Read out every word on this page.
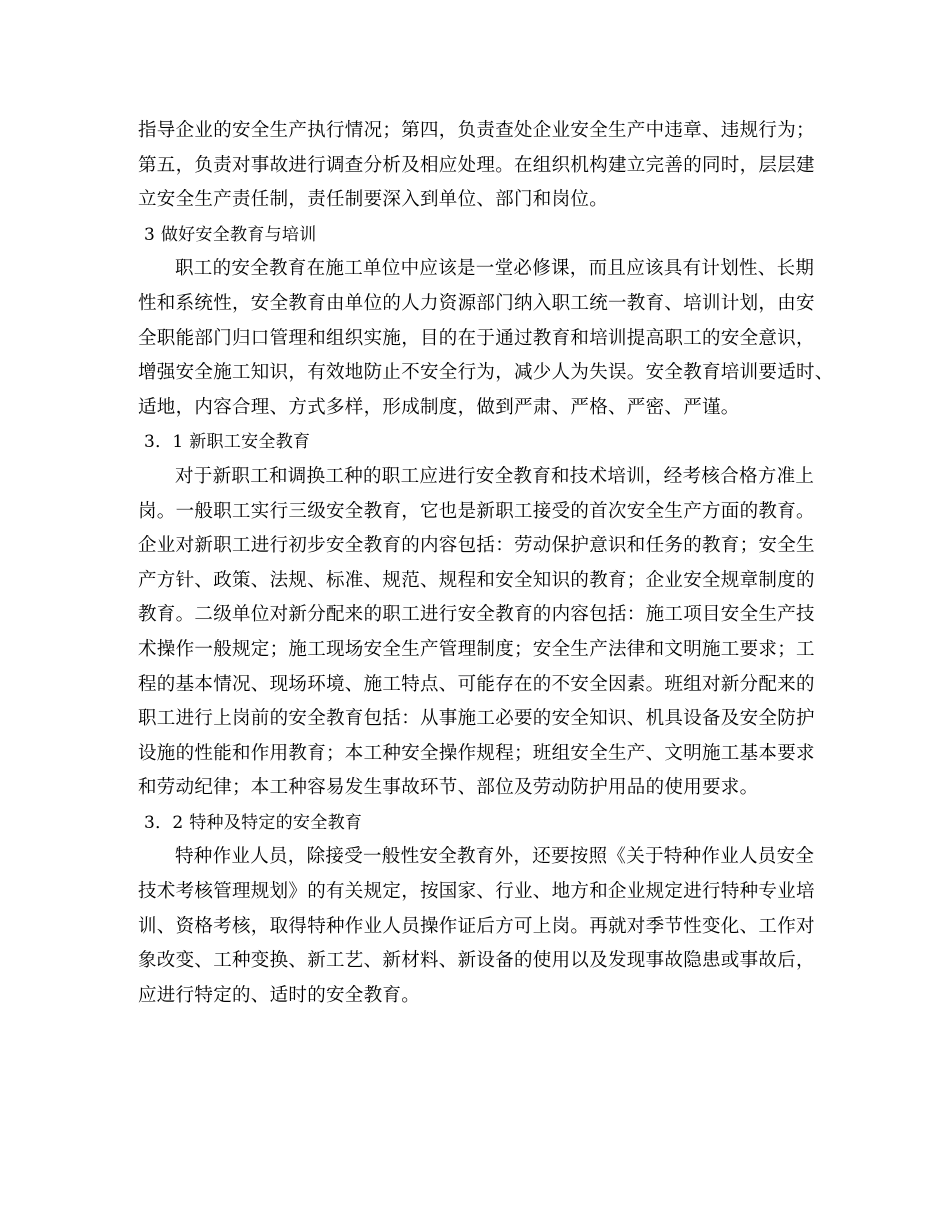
指导企业的安全生产执行情况；第四，负责查处企业安全生产中违章、违规行为；
第五，负责对事故进行调查分析及相应处理。在组织机构建立完善的同时，层层建
立安全生产责任制，责任制要深入到单位、部门和岗位。
3 做好安全教育与培训
职工的安全教育在施工单位中应该是一堂必修课，而且应该具有计划性、长期
性和系统性，安全教育由单位的人力资源部门纳入职工统一教育、培训计划，由安
全职能部门归口管理和组织实施，目的在于通过教育和培训提高职工的安全意识，
增强安全施工知识，有效地防止不安全行为，减少人为失误。安全教育培训要适时、
适地，内容合理、方式多样，形成制度，做到严肃、严格、严密、严谨。
3．1 新职工安全教育
对于新职工和调换工种的职工应进行安全教育和技术培训，经考核合格方准上
岗。一般职工实行三级安全教育，它也是新职工接受的首次安全生产方面的教育。
企业对新职工进行初步安全教育的内容包括：劳动保护意识和任务的教育；安全生
产方针、政策、法规、标准、规范、规程和安全知识的教育；企业安全规章制度的
教育。二级单位对新分配来的职工进行安全教育的内容包括：施工项目安全生产技
术操作一般规定；施工现场安全生产管理制度；安全生产法律和文明施工要求；工
程的基本情况、现场环境、施工特点、可能存在的不安全因素。班组对新分配来的
职工进行上岗前的安全教育包括：从事施工必要的安全知识、机具设备及安全防护
设施的性能和作用教育；本工种安全操作规程；班组安全生产、文明施工基本要求
和劳动纪律；本工种容易发生事故环节、部位及劳动防护用品的使用要求。
3．2 特种及特定的安全教育
特种作业人员，除接受一般性安全教育外，还要按照《关于特种作业人员安全
技术考核管理规划》的有关规定，按国家、行业、地方和企业规定进行特种专业培
训、资格考核，取得特种作业人员操作证后方可上岗。再就对季节性变化、工作对
象改变、工种变换、新工艺、新材料、新设备的使用以及发现事故隐患或事故后，
应进行特定的、适时的安全教育。
